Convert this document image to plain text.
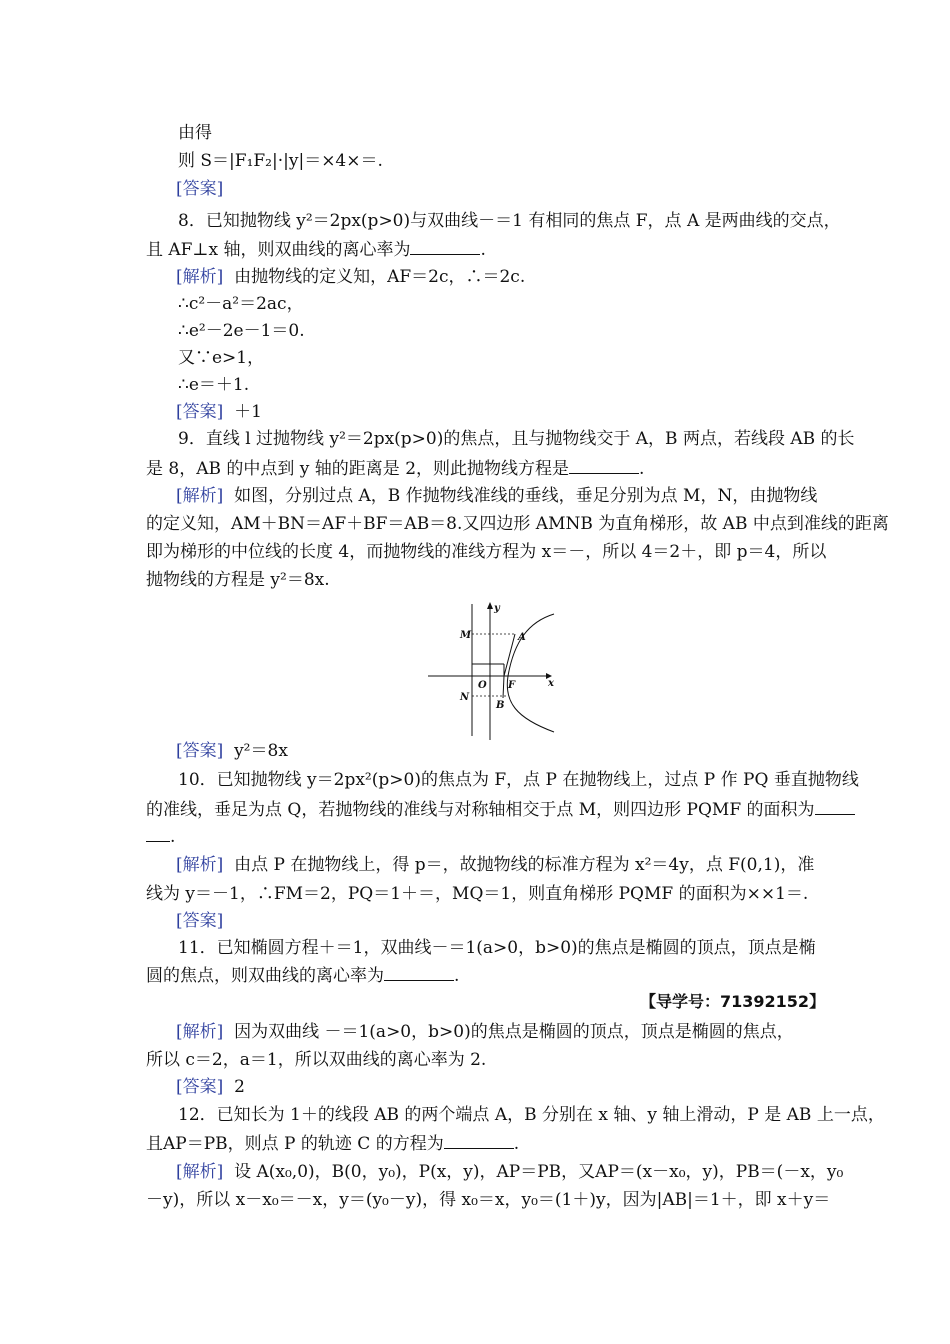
由得
则 S＝|F₁F₂|·|y|＝×4×＝.
[答案]
8．已知抛物线 y²＝2px(p>0)与双曲线－＝1 有相同的焦点 F，点 A 是两曲线的交点，
且 AF⊥x 轴，则双曲线的离心率为	.
[解析] 由抛物线的定义知，AF＝2c，∴＝2c.
∴c²－a²＝2ac，
∴e²－2e－1＝0.
又∵e>1，
∴e＝＋1.
[答案] ＋1
9．直线 l 过抛物线 y²＝2px(p>0)的焦点，且与抛物线交于 A，B 两点，若线段 AB 的长
是 8，AB 的中点到 y 轴的距离是 2，则此抛物线方程是	.
[解析] 如图，分别过点 A，B 作抛物线准线的垂线，垂足分别为点 M，N，由抛物线
的定义知，AM＋BN＝AF＋BF＝AB＝8.又四边形 AMNB 为直角梯形，故 AB 中点到准线的距离
即为梯形的中位线的长度 4，而抛物线的准线方程为 x＝－，所以 4＝2＋，即 p＝4，所以
抛物线的方程是 y²＝8x.
y
x
M	A
O F
N
B
[答案] y²＝8x
10．已知抛物线 y＝2px²(p>0)的焦点为 F，点 P 在抛物线上，过点 P 作 PQ 垂直抛物线
的准线，垂足为点 Q，若抛物线的准线与对称轴相交于点 M，则四边形 PQMF 的面积为
.
[解析] 由点 P 在抛物线上，得 p＝，故抛物线的标准方程为 x²＝4y，点 F(0,1)，准
线为 y＝－1，∴FM＝2，PQ＝1＋＝，MQ＝1，则直角梯形 PQMF 的面积为××1＝.
[答案]
11．已知椭圆方程＋＝1，双曲线－＝1(a>0，b>0)的焦点是椭圆的顶点，顶点是椭
圆的焦点，则双曲线的离心率为	.
【导学号：71392152】
[解析] 因为双曲线 －＝1(a>0，b>0)的焦点是椭圆的顶点，顶点是椭圆的焦点，
所以 c＝2，a＝1，所以双曲线的离心率为 2.
[答案] 2
12．已知长为 1＋的线段 AB 的两个端点 A，B 分别在 x 轴、y 轴上滑动，P 是 AB 上一点，
且AP＝PB，则点 P 的轨迹 C 的方程为	.
[解析] 设 A(x₀,0)，B(0，y₀)，P(x，y)，AP＝PB，又AP＝(x－x₀，y)，PB＝(－x，y₀
－y)，所以 x－x₀＝－x，y＝(y₀－y)，得 x₀＝x，y₀＝(1＋)y，因为|AB|＝1＋，即 x＋y＝
